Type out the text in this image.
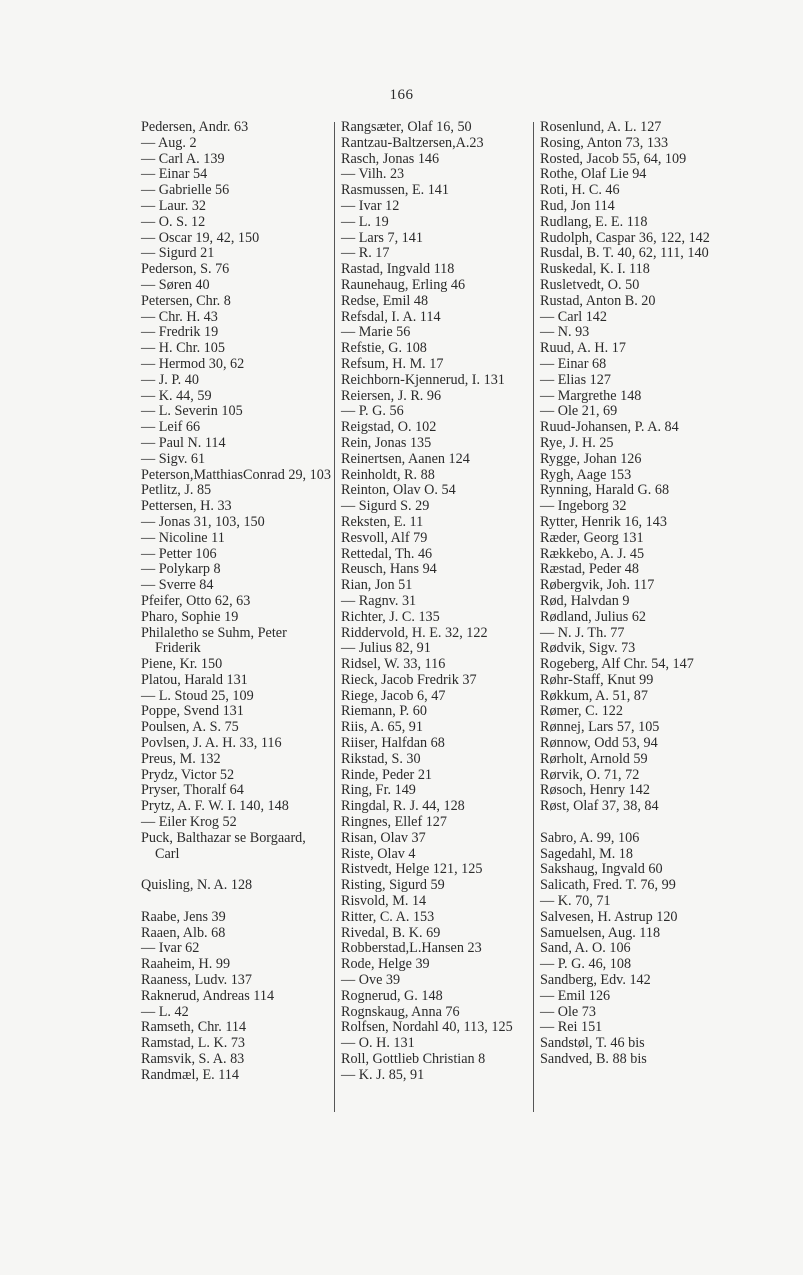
166
Pedersen, Andr. 63
— Aug. 2
— Carl A. 139
— Einar 54
— Gabrielle 56
— Laur. 32
— O. S. 12
— Oscar 19, 42, 150
— Sigurd 21
Pederson, S. 76
— Søren 40
Petersen, Chr. 8
— Chr. H. 43
— Fredrik 19
— H. Chr. 105
— Hermod 30, 62
— J. P. 40
— K. 44, 59
— L. Severin 105
— Leif 66
— Paul N. 114
— Sigv. 61
Peterson,MatthiasConrad 29, 103
Petlitz, J. 85
Pettersen, H. 33
— Jonas 31, 103, 150
— Nicoline 11
— Petter 106
— Polykarp 8
— Sverre 84
Pfeifer, Otto 62, 63
Pharo, Sophie 19
Philaletho se Suhm, Peter Friderik
Piene, Kr. 150
Platou, Harald 131
— L. Stoud 25, 109
Poppe, Svend 131
Poulsen, A. S. 75
Povlsen, J. A. H. 33, 116
Preus, M. 132
Prydz, Victor 52
Pryser, Thoralf 64
Prytz, A. F. W. I. 140, 148
— Eiler Krog 52
Puck, Balthazar se Borgaard, Carl
Quisling, N. A. 128
Raabe, Jens 39
Raaen, Alb. 68
— Ivar 62
Raaheim, H. 99
Raaness, Ludv. 137
Raknerud, Andreas 114
— L. 42
Ramseth, Chr. 114
Ramstad, L. K. 73
Ramsvik, S. A. 83
Randmæl, E. 114
Rangsæter, Olaf 16, 50
Rantzau-Baltzersen,A.23
Rasch, Jonas 146
— Vilh. 23
Rasmussen, E. 141
— Ivar 12
— L. 19
— Lars 7, 141
— R. 17
Rastad, Ingvald 118
Raunehaug, Erling 46
Redse, Emil 48
Refsdal, I. A. 114
— Marie 56
Refstie, G. 108
Refsum, H. M. 17
Reichborn-Kjennerud, I. 131
Reiersen, J. R. 96
— P. G. 56
Reigstad, O. 102
Rein, Jonas 135
Reinertsen, Aanen 124
Reinholdt, R. 88
Reinton, Olav O. 54
— Sigurd S. 29
Reksten, E. 11
Resvoll, Alf 79
Rettedal, Th. 46
Reusch, Hans 94
Rian, Jon 51
— Ragnv. 31
Richter, J. C. 135
Riddervold, H. E. 32, 122
— Julius 82, 91
Ridsel, W. 33, 116
Rieck, Jacob Fredrik 37
Riege, Jacob 6, 47
Riemann, P. 60
Riis, A. 65, 91
Riiser, Halfdan 68
Rikstad, S. 30
Rinde, Peder 21
Ring, Fr. 149
Ringdal, R. J. 44, 128
Ringnes, Ellef 127
Risan, Olav 37
Riste, Olav 4
Ristvedt, Helge 121, 125
Risting, Sigurd 59
Risvold, M. 14
Ritter, C. A. 153
Rivedal, B. K. 69
Robberstad,L.Hansen 23
Rode, Helge 39
— Ove 39
Rognerud, G. 148
Rognskaug, Anna 76
Rolfsen, Nordahl 40, 113, 125
— O. H. 131
Roll, Gottlieb Christian 8
— K. J. 85, 91
Rosenlund, A. L. 127
Rosing, Anton 73, 133
Rosted, Jacob 55, 64, 109
Rothe, Olaf Lie 94
Roti, H. C. 46
Rud, Jon 114
Rudlang, E. E. 118
Rudolph, Caspar 36, 122, 142
Rusdal, B. T. 40, 62, 111, 140
Ruskedal, K. I. 118
Rusletvedt, O. 50
Rustad, Anton B. 20
— Carl 142
— N. 93
Ruud, A. H. 17
— Einar 68
— Elias 127
— Margrethe 148
— Ole 21, 69
Ruud-Johansen, P. A. 84
Rye, J. H. 25
Rygge, Johan 126
Rygh, Aage 153
Rynning, Harald G. 68
— Ingeborg 32
Rytter, Henrik 16, 143
Ræder, Georg 131
Rækkebo, A. J. 45
Ræstad, Peder 48
Røbergvik, Joh. 117
Rød, Halvdan 9
Rødland, Julius 62
— N. J. Th. 77
Rødvik, Sigv. 73
Rogeberg, Alf Chr. 54, 147
Røhr-Staff, Knut 99
Røkkum, A. 51, 87
Rømer, C. 122
Rønnej, Lars 57, 105
Rønnow, Odd 53, 94
Rørholt, Arnold 59
Rørvik, O. 71, 72
Røsoch, Henry 142
Røst, Olaf 37, 38, 84
Sabro, A. 99, 106
Sagedahl, M. 18
Sakshaug, Ingvald 60
Salicath, Fred. T. 76, 99
— K. 70, 71
Salvesen, H. Astrup 120
Samuelsen, Aug. 118
Sand, A. O. 106
— P. G. 46, 108
Sandberg, Edv. 142
— Emil 126
— Ole 73
— Rei 151
Sandstøl, T. 46 bis
Sandved, B. 88 bis
